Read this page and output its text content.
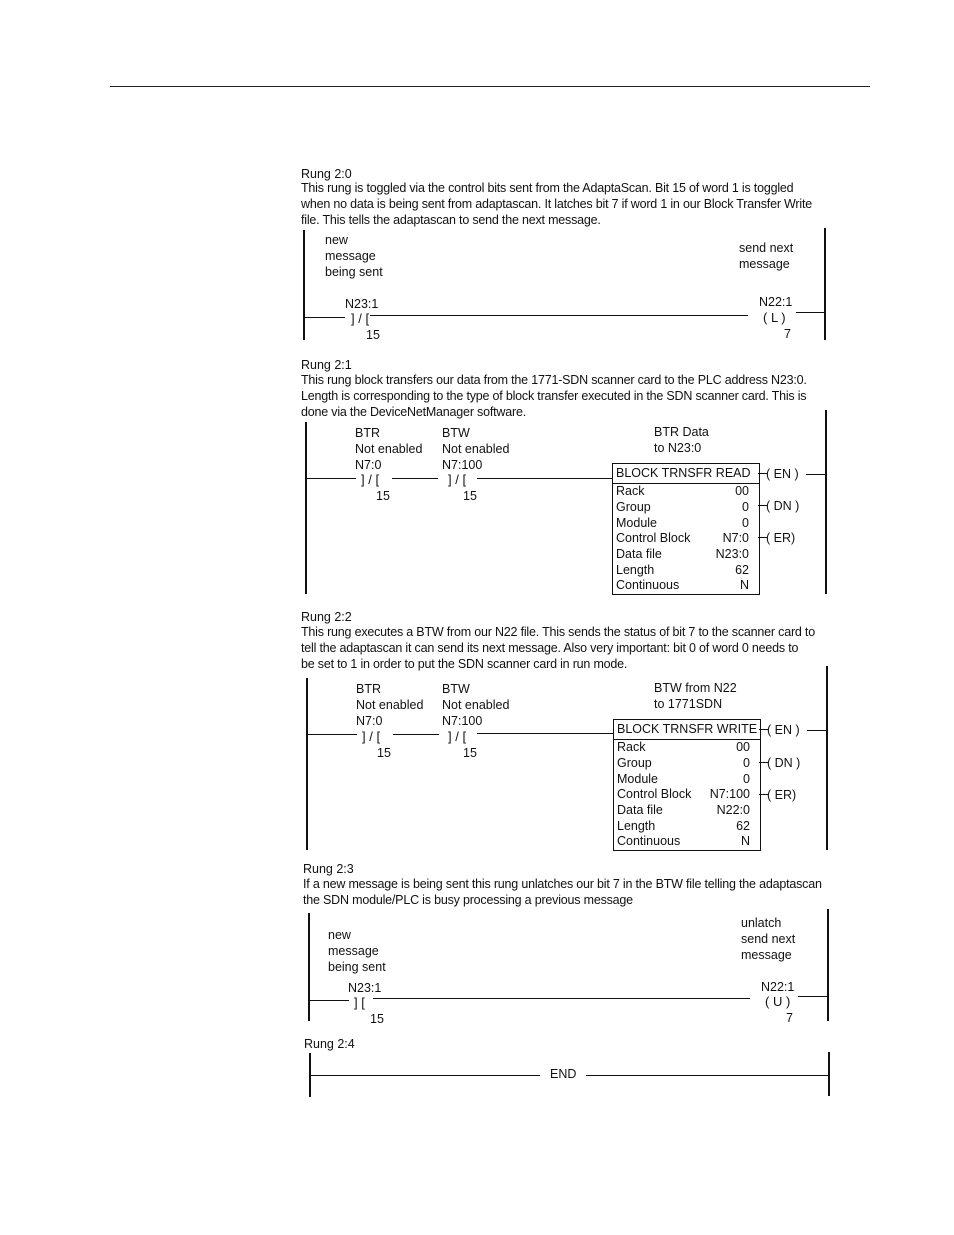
Rung 2:0
This rung is toggled via the control bits sent from the AdaptaScan. Bit 15 of word 1 is toggled
when no data is being sent from adaptascan. It latches bit 7 if word 1 in our Block Transfer Write
file. This tells the adaptascan to send the next message.
new
message
being sent
N23:1
] / [
15
send next
message
N22:1
( L )
7
Rung 2:1
This rung block transfers our data from the 1771-SDN scanner card to the PLC address N23:0.
Length is corresponding to the type of block transfer executed in the SDN scanner card. This is
done via the DeviceNetManager software.
BTR
Not enabled
N7:0
] / [
15
BTW
Not enabled
N7:100
] / [
15
BTR Data
to N23:0
BLOCK TRNSFR READ
Rack	00
Group	0
Module	0
Control Block	N7:0
Data file	N23:0
Length	62
Continuous	N
( EN )
( DN )
( ER)
Rung 2:2
This rung executes a BTW from our N22 file. This sends the status of bit 7 to the scanner card to
tell the adaptascan it can send its next message. Also very important: bit 0 of word 0 needs to
be set to 1 in order to put the SDN scanner card in run mode.
BTR
Not enabled
N7:0
] / [
15
BTW
Not enabled
N7:100
] / [
15
BTW from N22
to 1771SDN
BLOCK TRNSFR WRITE
Rack	00
Group	0
Module	0
Control Block N7:100
Data file	N22:0
Length	62
Continuous	N
( EN )
( DN )
( ER)
Rung 2:3
If a new message is being sent this rung unlatches our bit 7 in the BTW file telling the adaptascan
the SDN module/PLC is busy processing a previous message
new
message
being sent
N23:1
] [
15
unlatch
send next
message
N22:1
( U )
7
Rung 2:4
END
